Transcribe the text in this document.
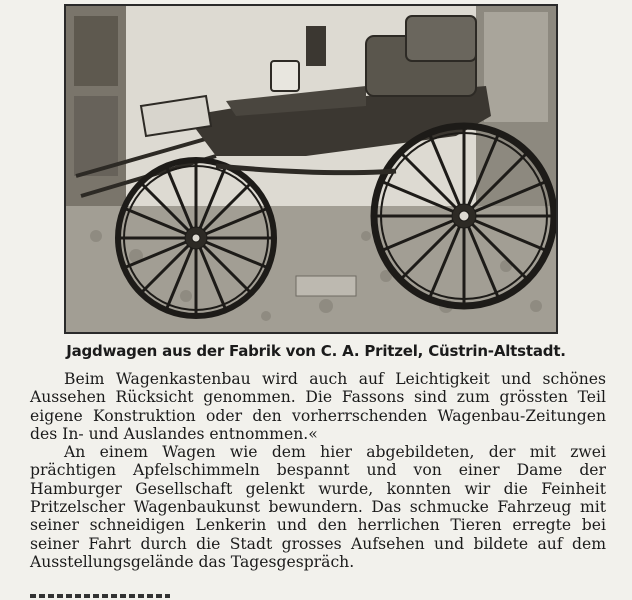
Jagdwagen aus der Fabrik von C. A. Pritzel, Cüstrin-Altstadt.

Beim Wagenkastenbau wird auch auf Leichtigkeit und schönes Aussehen Rücksicht genommen. Die Fassons sind zum grössten Teil eigene Konstruktion oder den vorherrschenden Wagenbau-Zeitungen des In- und Auslandes entnommen.«

An einem Wagen wie dem hier abgebildeten, der mit zwei prächtigen Apfelschimmeln bespannt und von einer Dame der Hamburger Gesellschaft gelenkt wurde, konnten wir die Feinheit Pritzelscher Wagenbaukunst bewundern. Das schmucke Fahrzeug mit seiner schneidigen Lenkerin und den herrlichen Tieren erregte bei seiner Fahrt durch die Stadt grosses Aufsehen und bildete auf dem Ausstellungsgelände das Tagesgespräch.
